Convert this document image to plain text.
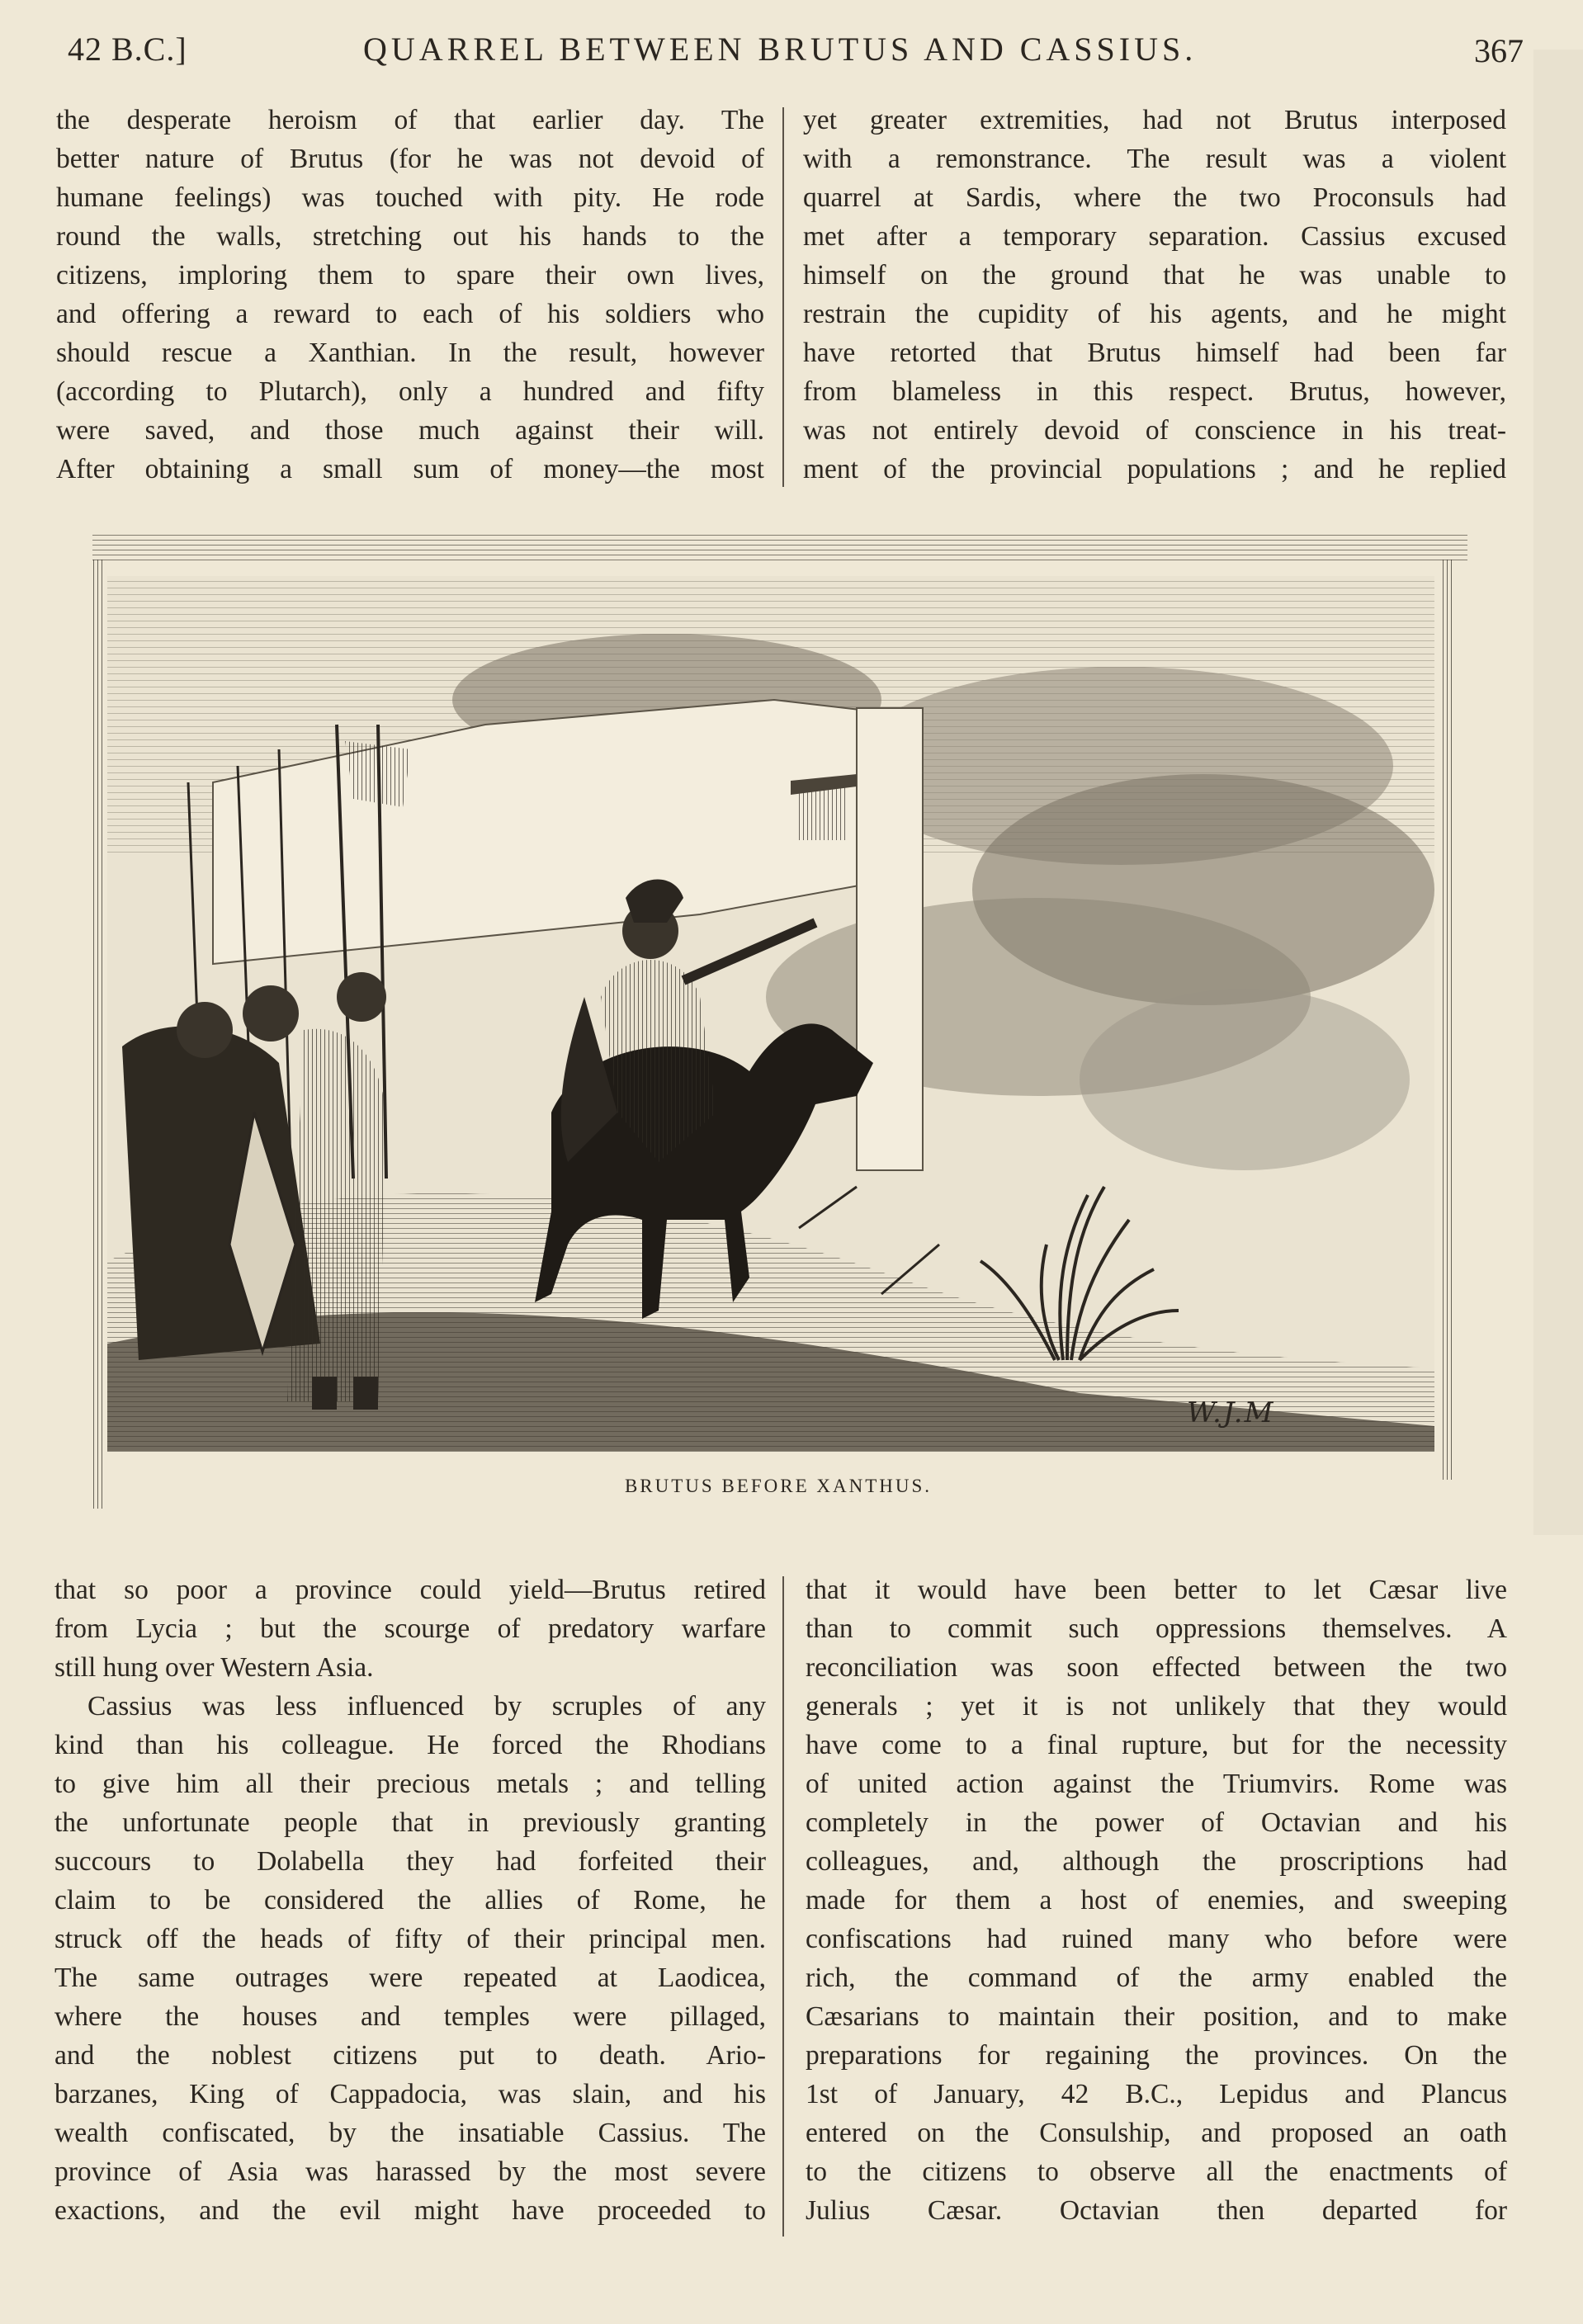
42 B.C.]	QUARREL BETWEEN BRUTUS AND CASSIUS.	367

the desperate heroism of that earlier day. The

better nature of Brutus (for he was not devoid of

humane feelings) was touched with pity. He rode

round the walls, stretching out his hands to the

citizens, imploring them to spare their own lives,

and offering a reward to each of his soldiers who

should rescue a Xanthian. In the result, however

(according to Plutarch), only a hundred and fifty

were saved, and those much against their will.

After obtaining a small sum of money—the most

yet greater extremities, had not Brutus interposed

with a remonstrance. The result was a violent

quarrel at Sardis, where the two Proconsuls had

met after a temporary separation. Cassius excused

himself on the ground that he was unable to

restrain the cupidity of his agents, and he might

have retorted that Brutus himself had been far

from blameless in this respect. Brutus, however,

was not entirely devoid of conscience in his treat-

ment of the provincial populations ; and he replied

W.J.M
BRUTUS BEFORE XANTHUS.

that so poor a province could yield—Brutus retired

from Lycia ; but the scourge of predatory warfare

still hung over Western Asia.

Cassius was less influenced by scruples of any

kind than his colleague. He forced the Rhodians

to give him all their precious metals ; and telling

the unfortunate people that in previously granting

succours to Dolabella they had forfeited their

claim to be considered the allies of Rome, he

struck off the heads of fifty of their principal men.

The same outrages were repeated at Laodicea,

where the houses and temples were pillaged,

and the noblest citizens put to death. Ario-

barzanes, King of Cappadocia, was slain, and his

wealth confiscated, by the insatiable Cassius. The

province of Asia was harassed by the most severe

exactions, and the evil might have proceeded to

that it would have been better to let Cæsar live

than to commit such oppressions themselves. A

reconciliation was soon effected between the two

generals ; yet it is not unlikely that they would

have come to a final rupture, but for the necessity

of united action against the Triumvirs. Rome was

completely in the power of Octavian and his

colleagues, and, although the proscriptions had

made for them a host of enemies, and sweeping

confiscations had ruined many who before were

rich, the command of the army enabled the

Cæsarians to maintain their position, and to make

preparations for regaining the provinces. On the

1st of January, 42 B.C., Lepidus and Plancus

entered on the Consulship, and proposed an oath

to the citizens to observe all the enactments of

Julius Cæsar. Octavian then departed for
